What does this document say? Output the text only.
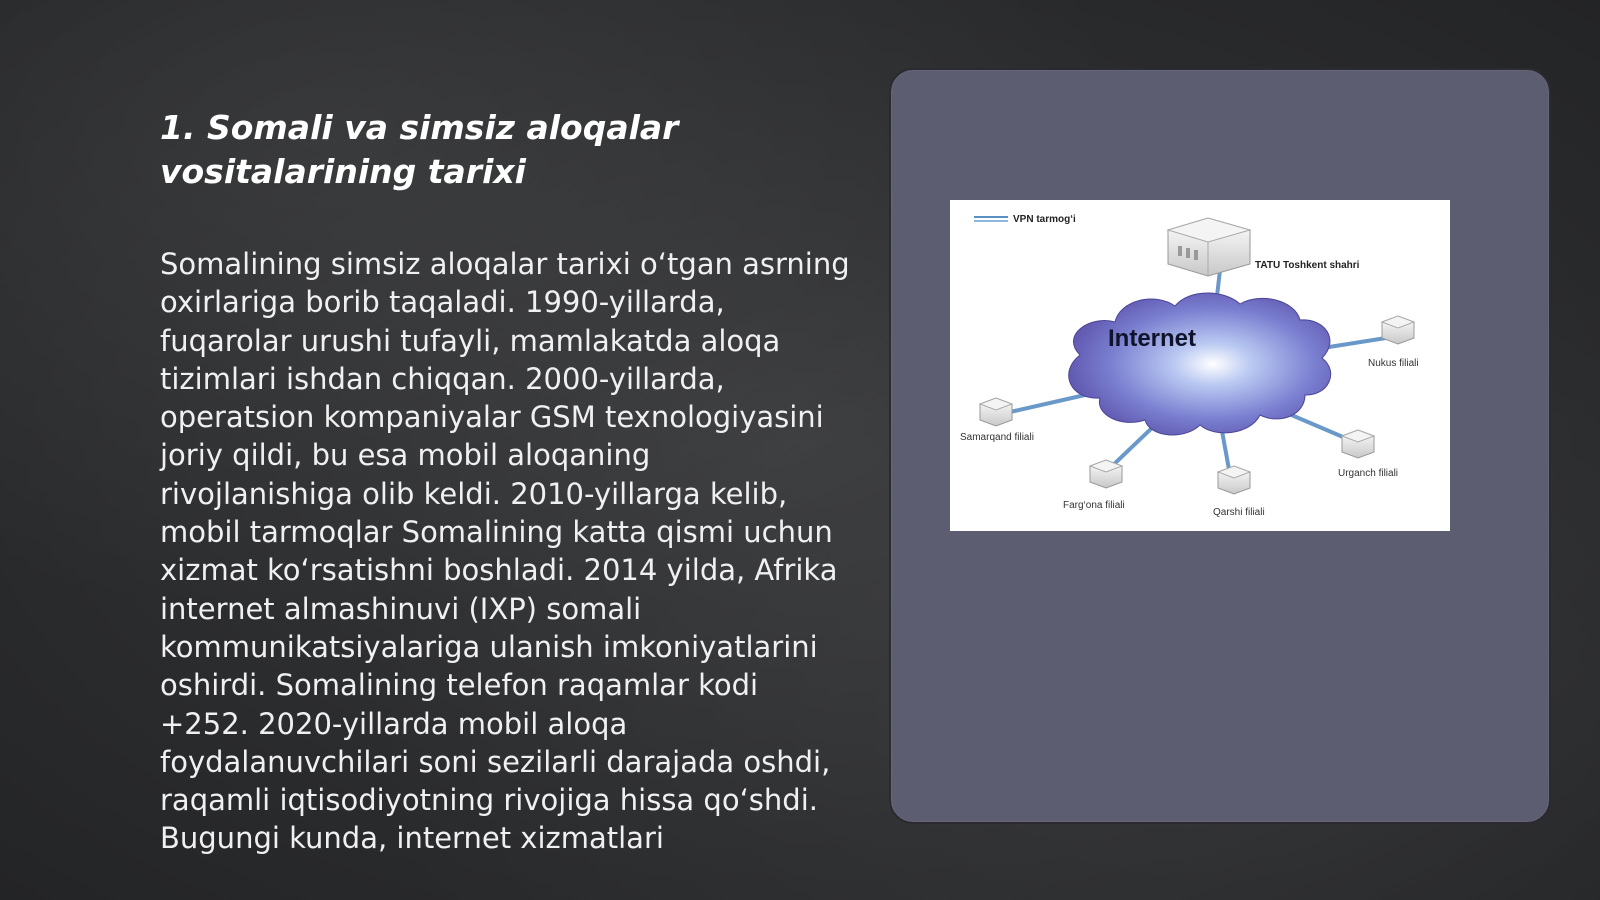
1. Somali va simsiz aloqalar vositalarining tarixi

Somalining simsiz aloqalar tarixi o‘tgan asrning oxirlariga borib taqaladi. 1990-yillarda, fuqarolar urushi tufayli, mamlakatda aloqa tizimlari ishdan chiqqan. 2000-yillarda, operatsion kompaniyalar GSM texnologiyasini joriy qildi, bu esa mobil aloqaning rivojlanishiga olib keldi. 2010-yillarga kelib, mobil tarmoqlar Somalining katta qismi uchun xizmat ko‘rsatishni boshladi. 2014 yilda, Afrika internet almashinuvi (IXP) somali kommunikatsiyalariga ulanish imkoniyatlarini oshirdi. Somalining telefon raqamlar kodi +252. 2020-yillarda mobil aloqa foydalanuvchilari soni sezilarli darajada oshdi, raqamli iqtisodiyotning rivojiga hissa qo‘shdi. Bugungi kunda, internet xizmatlari

VPN tarmog‘i
Internet
TATU Toshkent shahri
Nukus filiali
Samarqand filiali
Urganch filiali
Farg‘ona filiali
Qarshi filiali
